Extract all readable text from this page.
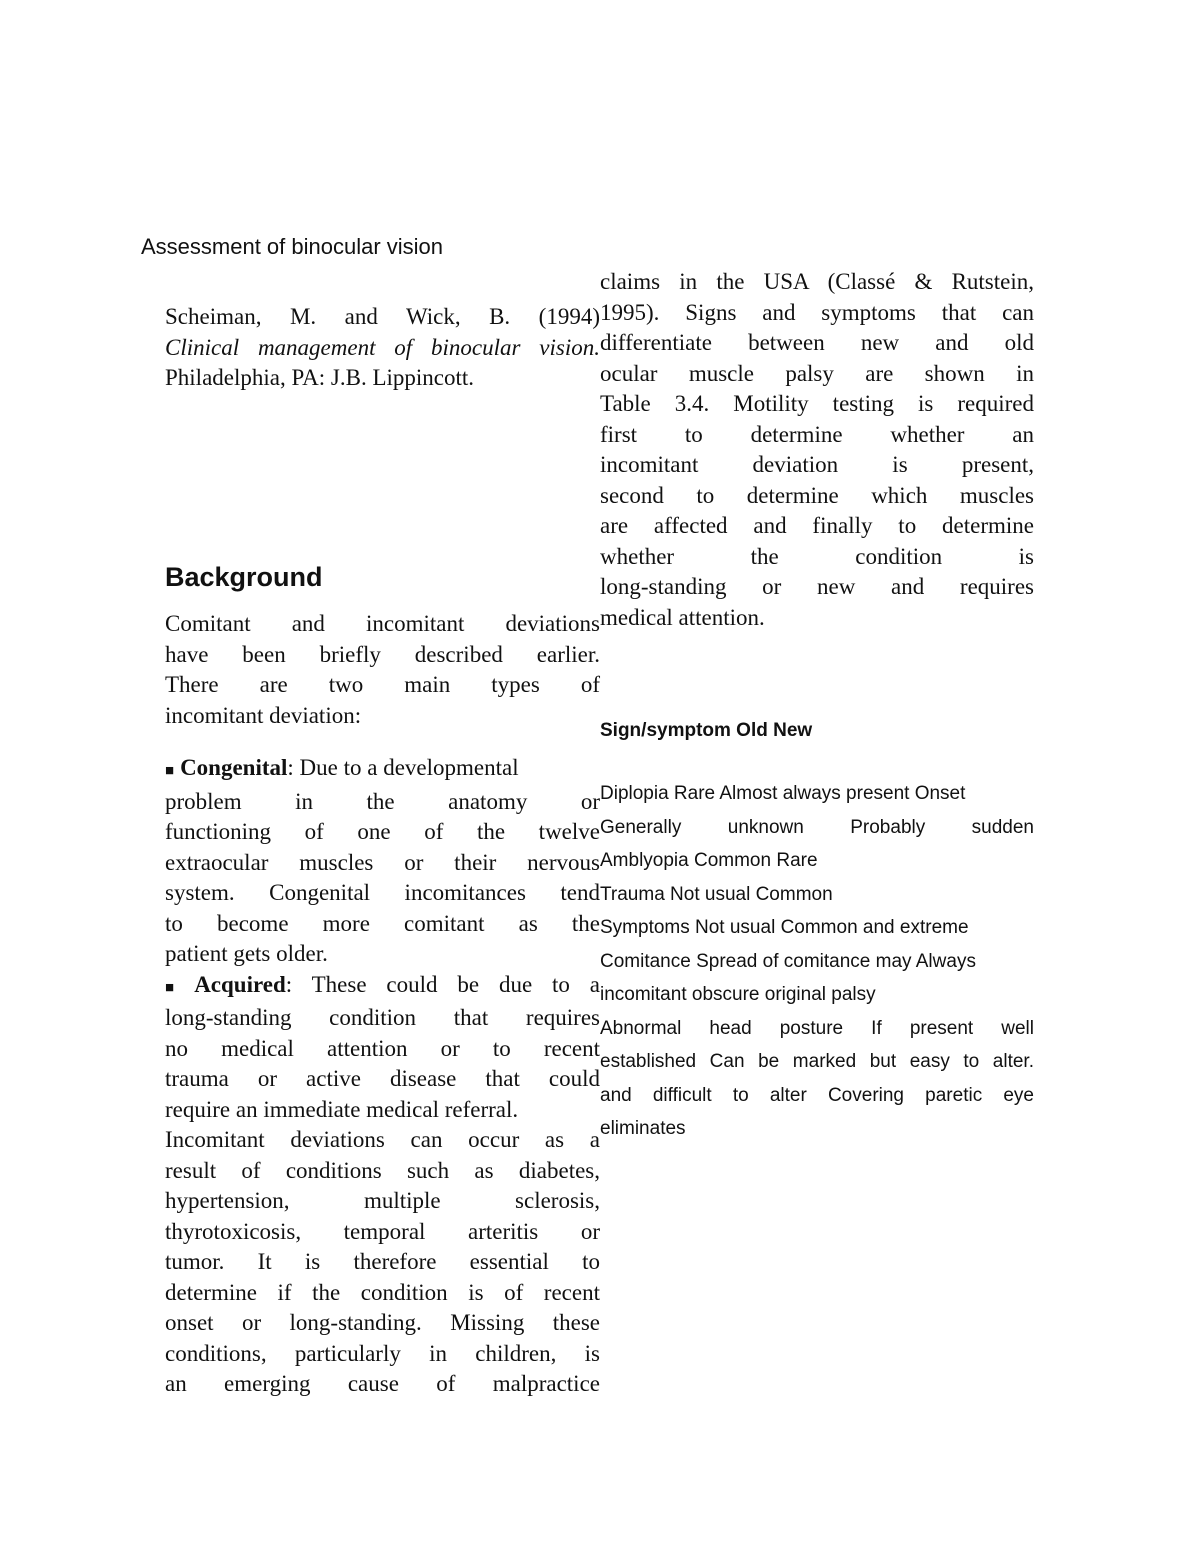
Assessment of binocular vision
Scheiman, M. and Wick, B. (1994)
Clinical management of binocular vision.
Philadelphia, PA: J.B. Lippincott.
Background
Comitant and incomitant deviations
have been briefly described earlier.
There are two main types of
incomitant deviation:
■ Congenital: Due to a developmental
problem in the anatomy or
functioning of one of the twelve
extraocular muscles or their nervous
system. Congenital incomitances tend
to become more comitant as the
patient gets older.
■ Acquired: These could be due to a
long-standing condition that requires
no medical attention or to recent
trauma or active disease that could
require an immediate medical referral.
Incomitant deviations can occur as a
result of conditions such as diabetes,
hypertension, multiple sclerosis,
thyrotoxicosis, temporal arteritis or
tumor. It is therefore essential to
determine if the condition is of recent
onset or long-standing. Missing these
conditions, particularly in children, is
an emerging cause of malpractice
claims in the USA (Classé & Rutstein,
1995). Signs and symptoms that can
differentiate between new and old
ocular muscle palsy are shown in
Table 3.4. Motility testing is required
first to determine whether an
incomitant deviation is present,
second to determine which muscles
are affected and finally to determine
whether the condition is
long-standing or new and requires
medical attention.
Sign/symptom Old New
Diplopia Rare Almost always present Onset
Generally unknown Probably sudden
Amblyopia Common Rare
Trauma Not usual Common
Symptoms Not usual Common and extreme
Comitance Spread of comitance may Always
incomitant obscure original palsy
Abnormal head posture If present well
established Can be marked but easy to alter.
and difficult to alter Covering paretic eye
eliminates
